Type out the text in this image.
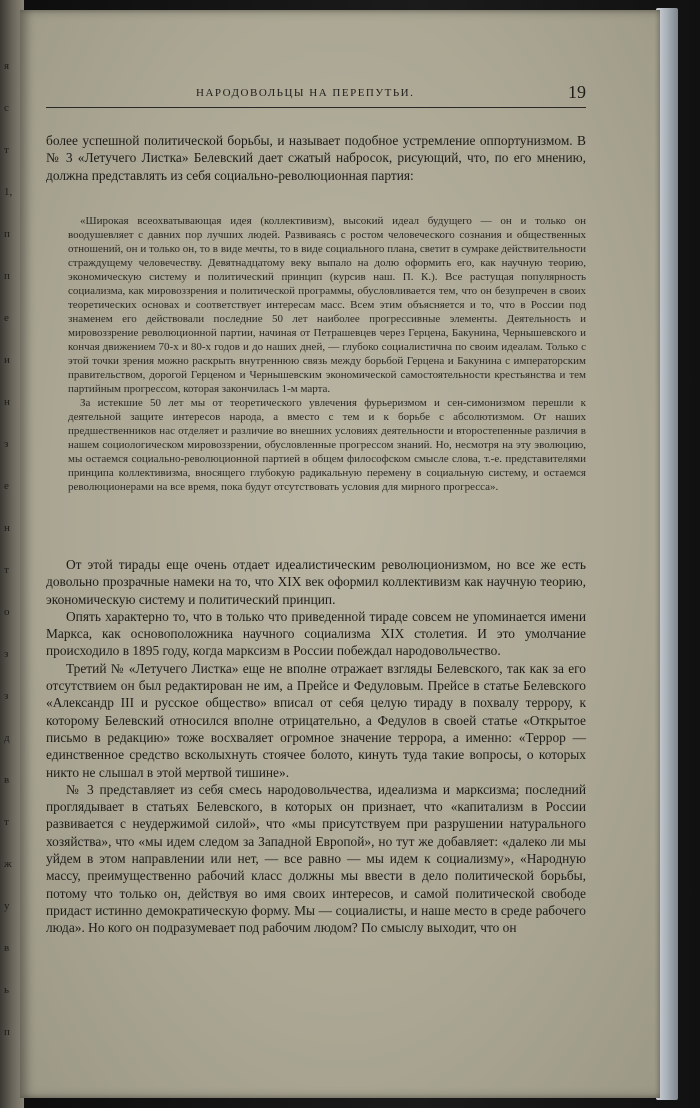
я
с
т
1,
п
п
е
и
н
з
е
н
т
о
з
з
д
в
т
ж
у
в
ь
п
НАРОДОВОЛЬЦЫ НА ПЕРЕПУТЬИ.	19

более успешной политической борьбы, и называет подобное устремление оппортунизмом. В № 3 «Летучего Листка» Белевский дает сжатый набросок, рисующий, что, по его мнению, должна представлять из себя социально-революционная партия:

«Широкая всеохватывающая идея (коллективизм), высокий идеал будущего — он и только он воодушевляет с давних пор лучших людей. Развиваясь с ростом человеческого сознания и общественных отношений, он и только он, то в виде мечты, то в виде социального плана, светит в сумраке действительности страждущему человечеству. Девятнадцатому веку выпало на долю оформить его, как научную теорию, экономическую систему и политический принцип (курсив наш. П. К.). Все растущая популярность социализма, как мировоззрения и политической программы, обусловливается тем, что он безупречен в своих теоретических основах и соответствует интересам масс. Всем этим объясняется и то, что в России под знаменем его действовали последние 50 лет наиболее прогрессивные элементы. Деятельность и мировоззрение революционной партии, начиная от Петрашевцев через Герцена, Бакунина, Чернышевского и кончая движением 70-х и 80-х годов и до наших дней, — глубоко социалистична по своим идеалам. Только с этой точки зрения можно раскрыть внутреннюю связь между борьбой Герцена и Бакунина с императорским правительством, дорогой Герценом и Чернышевским экономической самостоятельности крестьянства и тем партийным прогрессом, которая закончилась 1-м марта.

За истекшие 50 лет мы от теоретического увлечения фурьеризмом и сен-симонизмом перешли к деятельной защите интересов народа, а вместо с тем и к борьбе с абсолютизмом. От наших предшественников нас отделяет и различие во внешних условиях деятельности и второстепенные различия в нашем социологическом мировоззрении, обусловленные прогрессом знаний. Но, несмотря на эту эволюцию, мы остаемся социально-революционной партией в общем философском смысле слова, т.-е. представителями принципа коллективизма, вносящего глубокую радикальную перемену в социальную систему, и остаемся революционерами на все время, пока будут отсутствовать условия для мирного прогресса».

От этой тирады еще очень отдает идеалистическим революционизмом, но все же есть довольно прозрачные намеки на то, что XIX век оформил коллективизм как научную теорию, экономическую систему и политический принцип.

Опять характерно то, что в только что приведенной тираде совсем не упоминается имени Маркса, как основоположника научного социализма XIX столетия. И это умолчание происходило в 1895 году, когда марксизм в России побеждал народовольчество.

Третий № «Летучего Листка» еще не вполне отражает взгляды Белевского, так как за его отсутствием он был редактирован не им, а Прейсе и Федуловым. Прейсе в статье Белевского «Александр III и русское общество» вписал от себя целую тираду в похвалу террору, к которому Белевский относился вполне отрицательно, а Федулов в своей статье «Открытое письмо в редакцию» тоже восхваляет огромное значение террора, а именно: «Террор — единственное средство всколыхнуть стоячее болото, кинуть туда такие вопросы, о которых никто не слышал в этой мертвой тишине».

№ 3 представляет из себя смесь народовольчества, идеализма и марксизма; последний проглядывает в статьях Белевского, в которых он признает, что «капитализм в России развивается с неудержимой силой», что «мы присутствуем при разрушении натурального хозяйства», что «мы идем следом за Западной Европой», но тут же добавляет: «далеко ли мы уйдем в этом направлении или нет, — все равно — мы идем к социализму», «Народную массу, преимущественно рабочий класс должны мы ввести в дело политической борьбы, потому что только он, действуя во имя своих интересов, и самой политической свободе придаст истинно демократическую форму. Мы — социалисты, и наше место в среде рабочего люда». Но кого он подразумевает под рабочим людом? По смыслу выходит, что он
